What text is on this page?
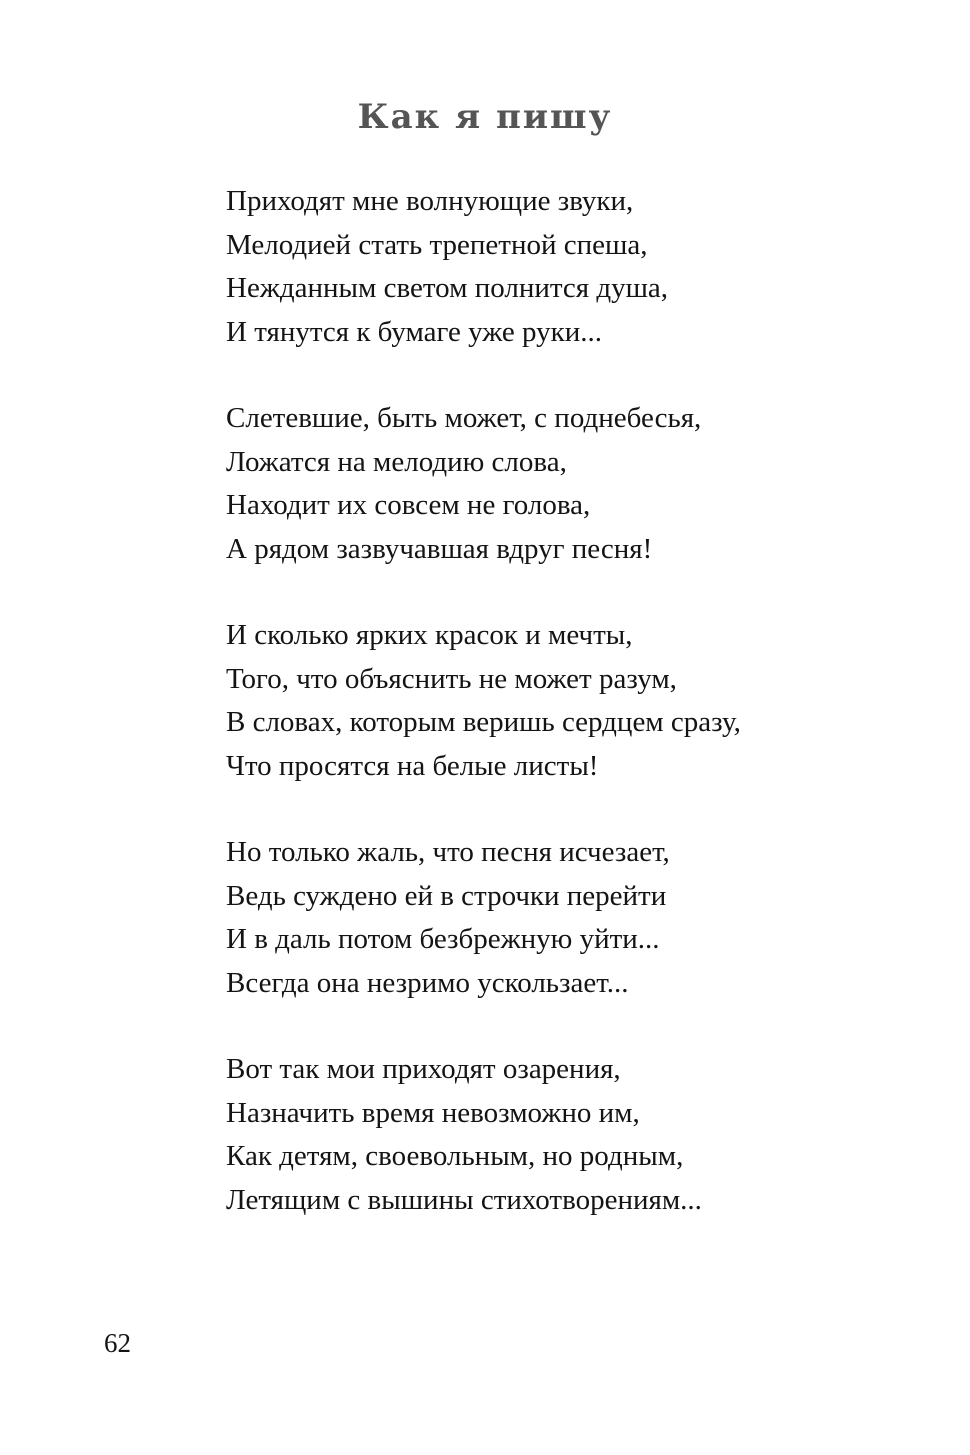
Как я пишу
Приходят мне волнующие звуки,
Мелодией стать трепетной спеша,
Нежданным светом полнится душа,
И тянутся к бумаге уже руки...
Слетевшие, быть может, с поднебесья,
Ложатся на мелодию слова,
Находит их совсем не голова,
А рядом зазвучавшая вдруг песня!
И сколько ярких красок и мечты,
Того, что объяснить не может разум,
В словах, которым веришь сердцем сразу,
Что просятся на белые листы!
Но только жаль, что песня исчезает,
Ведь суждено ей в строчки перейти
И в даль потом безбрежную уйти...
Всегда она незримо ускользает...
Вот так мои приходят озарения,
Назначить время невозможно им,
Как детям, своевольным, но родным,
Летящим с вышины стихотворениям...
62
